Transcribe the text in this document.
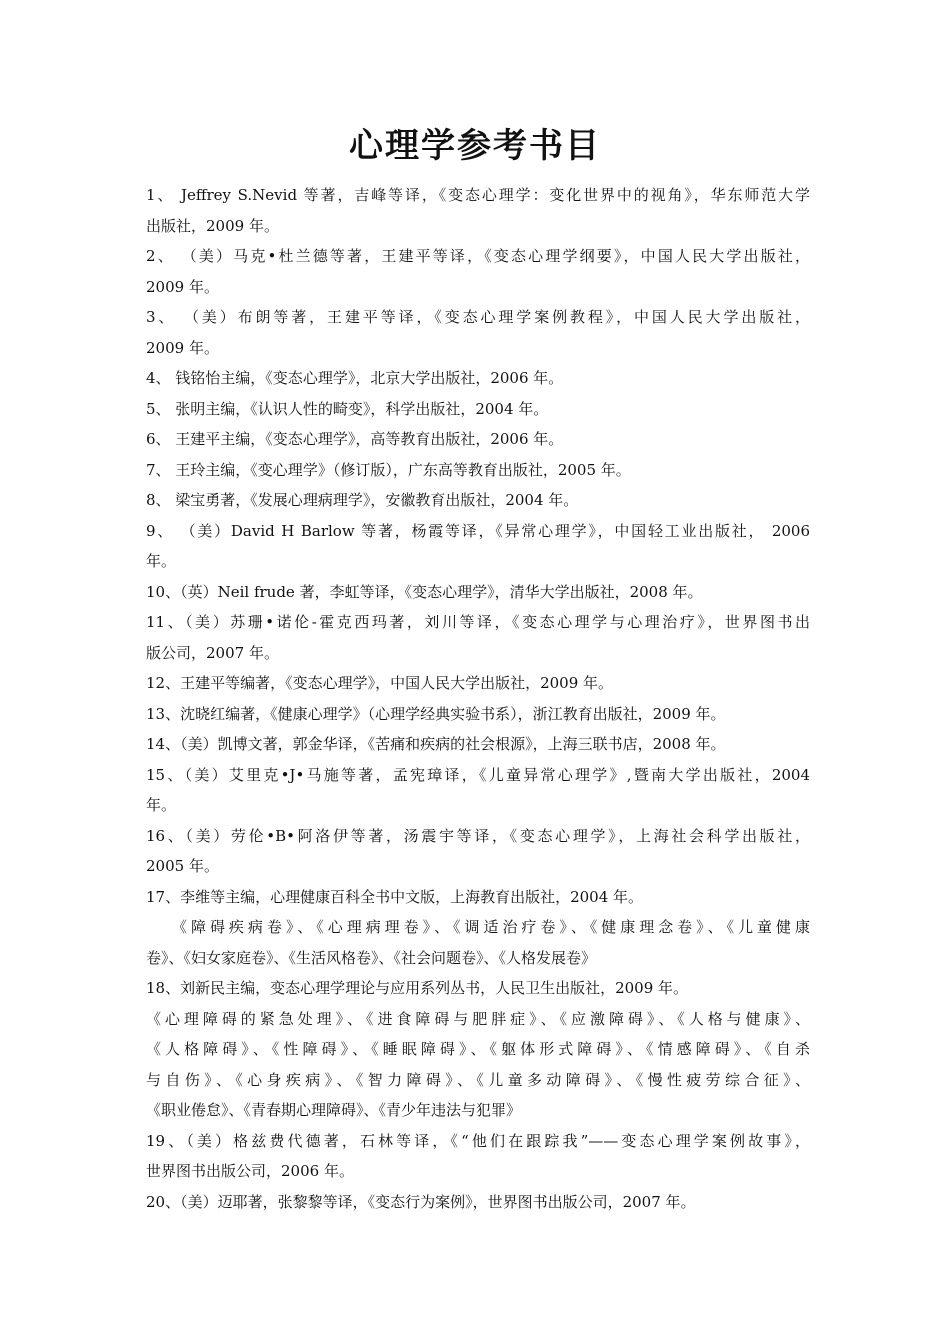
心理学参考书目
1、 Jeffrey S.Nevid 等著，吉峰等译，《变态心理学：变化世界中的视角》，华东师范大学
出版社，2009 年。
2、 （美）马克•杜兰德等著，王建平等译，《变态心理学纲要》，中国人民大学出版社，
2009 年。
3、 （美）布朗等著，王建平等译，《变态心理学案例教程》，中国人民大学出版社，
2009 年。
4、 钱铭怡主编，《变态心理学》，北京大学出版社，2006 年。
5、 张明主编，《认识人性的畸变》，科学出版社，2004 年。
6、 王建平主编，《变态心理学》，高等教育出版社，2006 年。
7、 王玲主编，《变心理学》（修订版），广东高等教育出版社，2005 年。
8、 梁宝勇著，《发展心理病理学》，安徽教育出版社，2004 年。
9、 （美）David H Barlow 等著，杨霞等译，《异常心理学》，中国轻工业出版社， 2006
年。
10、（英）Neil frude 著，李虹等译，《变态心理学》，清华大学出版社，2008 年。
11、（美）苏珊•诺伦-霍克西玛著，刘川等译，《变态心理学与心理治疗》，世界图书出
版公司，2007 年。
12、王建平等编著，《变态心理学》，中国人民大学出版社，2009 年。
13、沈晓红编著，《健康心理学》（心理学经典实验书系），浙江教育出版社，2009 年。
14、（美）凯博文著，郭金华译，《苦痛和疾病的社会根源》，上海三联书店，2008 年。
15、（美）艾里克•J•马施等著，孟宪璋译，《儿童异常心理学》,暨南大学出版社，2004
年。
16、（美）劳伦•B•阿洛伊等著，汤震宇等译，《变态心理学》，上海社会科学出版社，
2005 年。
17、李维等主编，心理健康百科全书中文版，上海教育出版社，2004 年。
《障碍疾病卷》、《心理病理卷》、《调适治疗卷》、《健康理念卷》、《儿童健康
卷》、《妇女家庭卷》、《生活风格卷》、《社会问题卷》、《人格发展卷》
18、刘新民主编，变态心理学理论与应用系列丛书，人民卫生出版社，2009 年。
《心理障碍的紧急处理》、《进食障碍与肥胖症》、《应激障碍》、《人格与健康》、
《人格障碍》、《性障碍》、《睡眠障碍》、《躯体形式障碍》、《情感障碍》、《自杀
与自伤》、《心身疾病》、《智力障碍》、《儿童多动障碍》、《慢性疲劳综合征》、
《职业倦怠》、《青春期心理障碍》、《青少年违法与犯罪》
19、（美）格兹费代德著，石林等译，《“他们在跟踪我”——变态心理学案例故事》，
世界图书出版公司，2006 年。
20、（美）迈耶著，张黎黎等译，《变态行为案例》，世界图书出版公司，2007 年。
